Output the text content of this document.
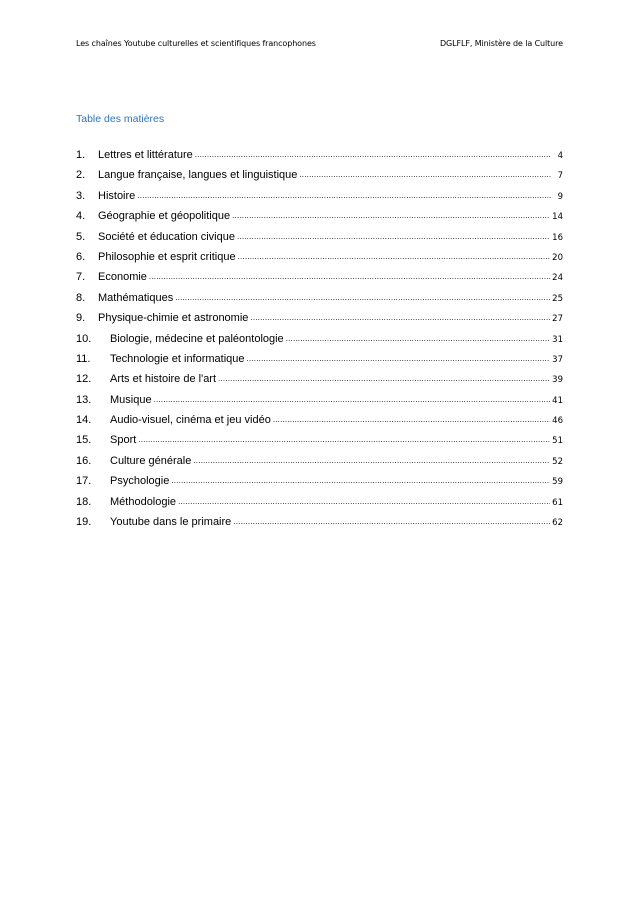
Les chaînes Youtube culturelles et scientifiques francophones	DGLFLF, Ministère de la Culture
Table des matières
1.	Lettres et littérature .....	4
2.	Langue française, langues et linguistique .....	7
3.	Histoire .....	9
4.	Géographie et géopolitique .....	14
5.	Société et éducation civique .....	16
6.	Philosophie et esprit critique .....	20
7.	Economie .....	24
8.	Mathématiques .....	25
9.	Physique-chimie et astronomie .....	27
10.	Biologie, médecine et paléontologie .....	31
11.	Technologie et informatique .....	37
12.	Arts et histoire de l'art .....	39
13.	Musique .....	41
14.	Audio-visuel, cinéma et jeu vidéo .....	46
15.	Sport .....	51
16.	Culture générale .....	52
17.	Psychologie .....	59
18.	Méthodologie .....	61
19.	Youtube dans le primaire .....	62
